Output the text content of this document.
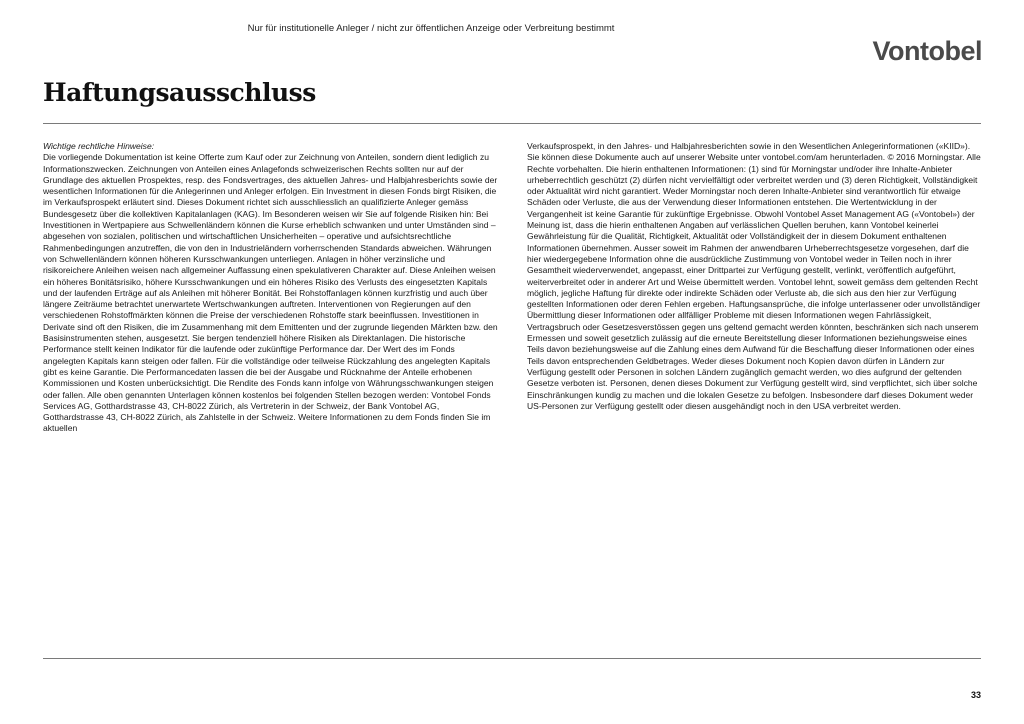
Nur für institutionelle Anleger / nicht zur öffentlichen Anzeige oder Verbreitung bestimmt
Vontobel
Haftungsausschluss
Wichtige rechtliche Hinweise:

Die vorliegende Dokumentation ist keine Offerte zum Kauf oder zur Zeichnung von Anteilen, sondern dient lediglich zu Informationszwecken. Zeichnungen von Anteilen eines Anlagefonds schweizerischen Rechts sollten nur auf der Grundlage des aktuellen Prospektes, resp. des Fondsvertrages, des aktuellen Jahres- und Halbjahresberichts sowie der wesentlichen Informationen für die Anlegerinnen und Anleger erfolgen. Ein Investment in diesen Fonds birgt Risiken, die im Verkaufsprospekt erläutert sind. Dieses Dokument richtet sich ausschliesslich an qualifizierte Anleger gemäss Bundesgesetz über die kollektiven Kapitalanlagen (KAG). Im Besonderen weisen wir Sie auf folgende Risiken hin: Bei Investitionen in Wertpapiere aus Schwellenländern können die Kurse erheblich schwanken und unter Umständen sind – abgesehen von sozialen, politischen und wirtschaftlichen Unsicherheiten – operative und aufsichtsrechtliche Rahmenbedingungen anzutreffen, die von den in Industrieländern vorherrschenden Standards abweichen. Währungen von Schwellenländern können höheren Kursschwankungen unterliegen. Anlagen in höher verzinsliche und risikoreichere Anleihen weisen nach allgemeiner Auffassung einen spekulativeren Charakter auf. Diese Anleihen weisen ein höheres Bonitätsrisiko, höhere Kursschwankungen und ein höheres Risiko des Verlusts des eingesetzten Kapitals und der laufenden Erträge auf als Anleihen mit höherer Bonität. Bei Rohstoffanlagen können kurzfristig und auch über längere Zeiträume betrachtet unerwartete Wertschwankungen auftreten. Interventionen von Regierungen auf den verschiedenen Rohstoffmärkten können die Preise der verschiedenen Rohstoffe stark beeinflussen. Investitionen in Derivate sind oft den Risiken, die im Zusammenhang mit dem Emittenten und der zugrunde liegenden Märkten bzw. den Basisinstrumenten stehen, ausgesetzt. Sie bergen tendenziell höhere Risiken als Direktanlagen. Die historische Performance stellt keinen Indikator für die laufende oder zukünftige Performance dar. Der Wert des im Fonds angelegten Kapitals kann steigen oder fallen. Für die vollständige oder teilweise Rückzahlung des angelegten Kapitals gibt es keine Garantie. Die Performancedaten lassen die bei der Ausgabe und Rücknahme der Anteile erhobenen Kommissionen und Kosten unberücksichtigt. Die Rendite des Fonds kann infolge von Währungsschwankungen steigen oder fallen. Alle oben genannten Unterlagen können kostenlos bei folgenden Stellen bezogen werden: Vontobel Fonds Services AG, Gotthardstrasse 43, CH-8022 Zürich, als Vertreterin in der Schweiz, der Bank Vontobel AG, Gotthardstrasse 43, CH-8022 Zürich, als Zahlstelle in der Schweiz. Weitere Informationen zu dem Fonds finden Sie im aktuellen

Verkaufsprospekt, in den Jahres- und Halbjahresberichten sowie in den Wesentlichen Anlegerinformationen («KIID»). Sie können diese Dokumente auch auf unserer Website unter vontobel.com/am herunterladen. © 2016 Morningstar. Alle Rechte vorbehalten. Die hierin enthaltenen Informationen: (1) sind für Morningstar und/oder ihre Inhalte-Anbieter urheberrechtlich geschützt (2) dürfen nicht vervielfältigt oder verbreitet werden und (3) deren Richtigkeit, Vollständigkeit oder Aktualität wird nicht garantiert. Weder Morningstar noch deren Inhalte-Anbieter sind verantwortlich für etwaige Schäden oder Verluste, die aus der Verwendung dieser Informationen entstehen. Die Wertentwicklung in der Vergangenheit ist keine Garantie für zukünftige Ergebnisse. Obwohl Vontobel Asset Management AG («Vontobel») der Meinung ist, dass die hierin enthaltenen Angaben auf verlässlichen Quellen beruhen, kann Vontobel keinerlei Gewährleistung für die Qualität, Richtigkeit, Aktualität oder Vollständigkeit der in diesem Dokument enthaltenen Informationen übernehmen. Ausser soweit im Rahmen der anwendbaren Urheberrechtsgesetze vorgesehen, darf die hier wiedergegebene Information ohne die ausdrückliche Zustimmung von Vontobel weder in Teilen noch in ihrer Gesamtheit wiederverwendet, angepasst, einer Drittpartei zur Verfügung gestellt, verlinkt, veröffentlich aufgeführt, weiterverbreitet oder in anderer Art und Weise übermittelt werden. Vontobel lehnt, soweit gemäss dem geltenden Recht möglich, jegliche Haftung für direkte oder indirekte Schäden oder Verluste ab, die sich aus den hier zur Verfügung gestellten Informationen oder deren Fehlen ergeben. Haftungsansprüche, die infolge unterlassener oder unvollständiger Übermittlung dieser Informationen oder allfälliger Probleme mit diesen Informationen wegen Fahrlässigkeit, Vertragsbruch oder Gesetzesverstössen gegen uns geltend gemacht werden könnten, beschränken sich nach unserem Ermessen und soweit gesetzlich zulässig auf die erneute Bereitstellung dieser Informationen beziehungsweise eines Teils davon beziehungsweise auf die Zahlung eines dem Aufwand für die Beschaffung dieser Informationen oder eines Teils davon entsprechenden Geldbetrages. Weder dieses Dokument noch Kopien davon dürfen in Ländern zur Verfügung gestellt oder Personen in solchen Ländern zugänglich gemacht werden, wo dies aufgrund der geltenden Gesetze verboten ist. Personen, denen dieses Dokument zur Verfügung gestellt wird, sind verpflichtet, sich über solche Einschränkungen kundig zu machen und die lokalen Gesetze zu befolgen. Insbesondere darf dieses Dokument weder US-Personen zur Verfügung gestellt oder diesen ausgehändigt noch in den USA verbreitet werden.

33
